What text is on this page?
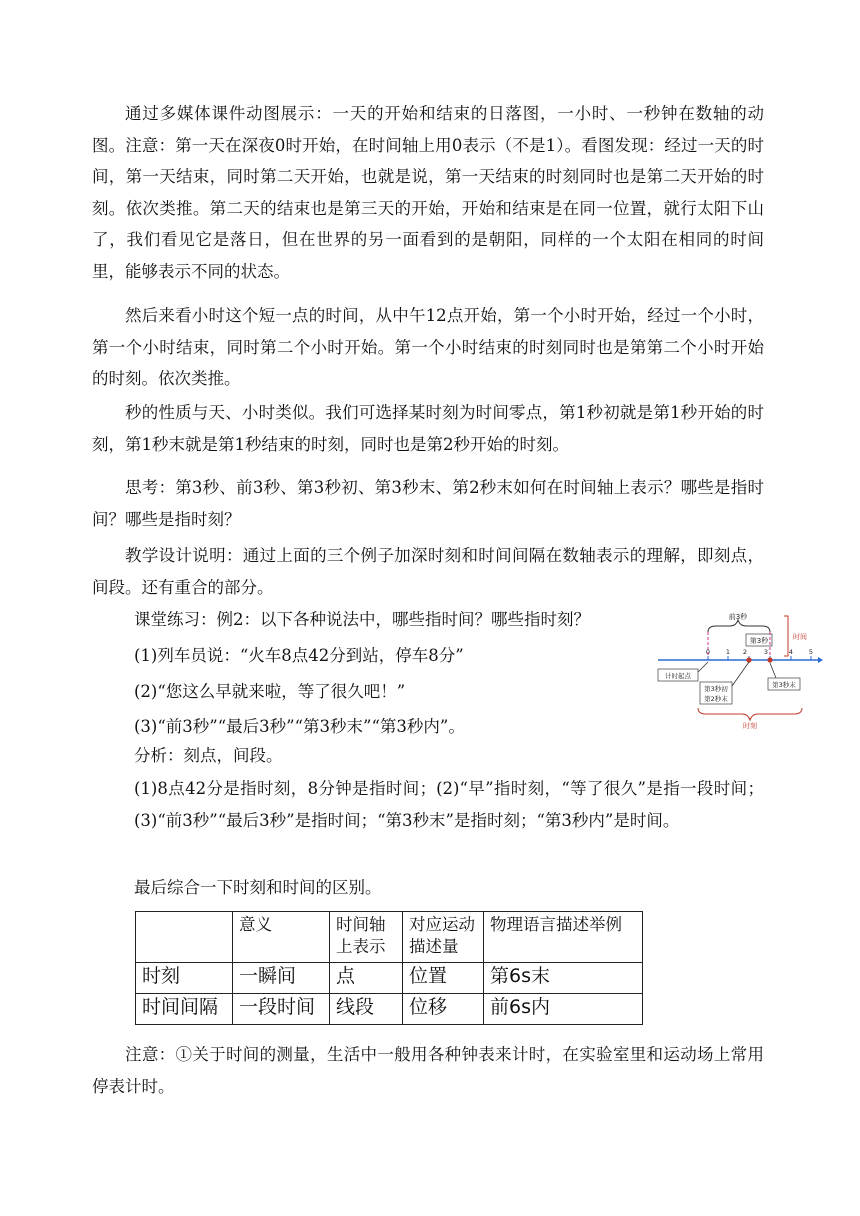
通过多媒体课件动图展示：一天的开始和结束的日落图，一小时、一秒钟在数轴的动图。注意：第一天在深夜0时开始，在时间轴上用0表示（不是1）。看图发现：经过一天的时间，第一天结束，同时第二天开始，也就是说，第一天结束的时刻同时也是第二天开始的时刻。依次类推。第二天的结束也是第三天的开始，开始和结束是在同一位置，就行太阳下山了，我们看见它是落日，但在世界的另一面看到的是朝阳，同样的一个太阳在相同的时间里，能够表示不同的状态。

然后来看小时这个短一点的时间，从中午12点开始，第一个小时开始，经过一个小时，第一个小时结束，同时第二个小时开始。第一个小时结束的时刻同时也是第第二个小时开始的时刻。依次类推。

秒的性质与天、小时类似。我们可选择某时刻为时间零点，第1秒初就是第1秒开始的时刻，第1秒末就是第1秒结束的时刻，同时也是第2秒开始的时刻。

思考：第3秒、前3秒、第3秒初、第3秒末、第2秒末如何在时间轴上表示？哪些是指时间？哪些是指时刻？

教学设计说明：通过上面的三个例子加深时刻和时间间隔在数轴表示的理解，即刻点，间段。还有重合的部分。

课堂练习：例2：以下各种说法中，哪些指时间？哪些指时刻？
(1)列车员说：“火车8点42分到站，停车8分”
(2)“您这么早就来啦，等了很久吧！”
(3)“前3秒”“最后3秒”“第3秒末”“第3秒内”。
分析：刻点，间段。

(1)8点42分是指时刻，8分钟是指时间；(2)“早”指时刻，“等了很久”是指一段时间；(3)“前3秒”“最后3秒”是指时间；“第3秒末”是指时刻；“第3秒内”是时间。

最后综合一下时刻和时间的区别。
	意义	时间轴上表示	对应运动描述量	物理语言描述举例
时刻	一瞬间	点	位置	第6s末
时间间隔	一段时间	线段	位移	前6s内

注意：①关于时间的测量，生活中一般用各种钟表来计时，在实验室里和运动场上常用停表计时。

前3秒
第3秒	时间
0 1 2	3	4 5
计时起点
第3秒初
第2秒末
第3秒末
时刻
